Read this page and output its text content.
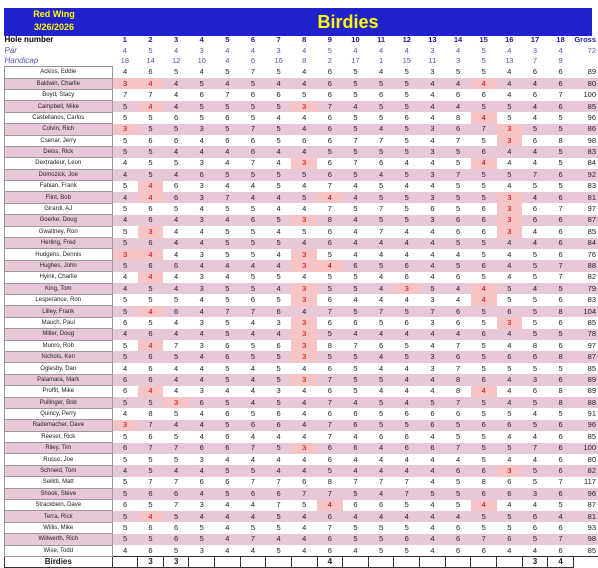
Red Wing
3/26/2026	Birdies
Hole number	1	2	3	4	5	6	7	8	9	10	11	12	13	14	15	16	17	18	Gross
Par	4	5	4	3	4	4	3	4	5	4	4	4	3	4	5	4	3	4	72
Handicap	18	14	12	10	4	6	16	8	2	17	1	15	11	3	5	13	7	9	
Ackiss, Eddie	4	6	5	4	5	7	5	4	6	5	4	5	3	5	5	4	6	6	89
Baldwin, Charlie	3	4	4	5	4	5	4	4	6	5	5	5	4	4	4	4	4	6	80
Boyd, Stacy	7	7	4	6	7	6	6	5	6	5	6	5	4	6	6	4	6	7	100
Campbell, Mike	5	4	4	5	5	5	5	3	7	4	5	5	4	4	5	5	4	6	85
Castellanos, Carlos	5	5	6	5	6	5	4	4	6	5	5	6	4	8	4	5	4	5	96
Colvin, Rich	3	5	5	3	5	7	5	4	6	5	4	5	3	6	7	3	5	5	86
Csenar, Jerry	5	6	6	4	6	6	5	6	6	7	7	5	4	7	5	3	6	8	98
Deiss, Rick	5	5	4	4	4	6	4	4	5	5	5	5	3	5	6	4	4	5	83
Dextradeur, Leon	4	5	5	3	4	7	4	3	6	7	6	4	4	5	4	4	4	5	84
Domozick, Joe	4	5	4	6	5	5	5	5	6	5	4	5	3	7	5	5	7	6	92
Fabian, Frank	5	4	6	3	4	4	5	4	7	4	5	4	4	5	5	4	5	5	83
Flint, Bob	4	4	6	3	7	4	4	5	4	4	5	5	3	5	5	3	4	6	81
Girardi, AJ	5	6	5	4	5	5	4	4	7	5	7	5	6	5	6	3	6	7	97
Goerke, Doug	4	6	4	3	4	6	5	3	8	4	5	5	3	6	6	3	6	6	87
Gwaltney, Ron	5	3	4	4	5	5	4	5	6	4	7	4	4	6	6	3	4	6	85
Herling, Fred	5	6	4	4	5	5	5	4	6	4	4	4	4	5	5	4	4	6	84
Hudgens, Dennis	3	4	4	3	5	5	4	3	5	4	4	4	4	4	5	4	5	6	76
Hughes, John	5	6	6	4	4	4	4	3	4	6	5	6	4	5	6	4	5	7	88
Hyink, Charlie	4	4	4	3	4	5	5	4	5	5	4	6	4	6	5	4	5	7	82
King, Tom	4	5	4	3	5	5	4	3	5	5	4	3	5	4	4	5	4	5	79
Lesperance, Ron	5	5	5	4	5	6	5	3	6	4	4	4	3	4	4	5	5	6	83
Lilley, Frank	5	4	6	4	7	7	6	4	7	5	7	5	7	6	5	6	5	8	104
Mauch, Paul	6	5	4	3	5	4	3	3	6	6	5	6	3	6	5	3	5	6	85
Miller, Doug	4	6	4	4	5	4	4	3	5	4	4	4	4	4	6	4	5	5	78
Munro, Rob	5	4	7	3	6	5	6	3	8	7	6	5	4	7	5	4	8	6	97
Nichols, Ken	5	6	5	4	6	5	5	3	5	5	4	5	3	6	5	6	6	8	87
Oglesby, Dan	4	6	4	4	5	4	5	4	6	5	4	4	3	7	5	5	5	5	85
Palamara, Mark	6	6	4	4	5	4	5	3	7	5	5	4	4	8	6	4	3	6	89
Proffit, Mike	6	4	4	3	4	4	3	4	6	5	4	4	4	8	4	4	6	8	89
Pullinger, Bob	5	5	3	6	5	4	5	4	7	4	5	4	5	7	5	4	5	8	88
Quincy, Perry	4	8	5	4	6	5	6	4	6	6	5	6	6	6	5	5	4	5	91
Rademacher, Dave	3	7	4	4	5	6	6	4	7	6	5	5	6	5	6	6	5	6	96
Reeser, Rick	5	6	5	4	6	4	4	4	7	4	6	6	4	5	5	4	4	6	85
Riley, Tim	6	7	7	6	6	7	5	3	6	6	4	6	6	7	5	5	7	6	100
Russo, Joe	5	5	5	3	4	4	4	4	6	4	4	4	4	4	5	4	4	6	80
Schneid, Tom	4	5	4	4	5	5	4	4	5	4	4	4	4	6	6	3	5	6	82
Sellitti, Matt	5	7	7	6	6	7	7	6	8	7	7	7	4	5	8	6	5	7	117
Shook, Steve	5	6	6	4	5	6	6	7	7	5	4	7	5	5	6	6	3	6	96
Strackbein, Dave	6	5	7	3	4	4	7	5	4	6	6	5	4	5	4	4	4	5	87
Terra, Rick	5	4	5	4	4	4	5	4	6	4	4	4	4	4	5	5	6	4	81
Willis, Mike	5	6	6	5	4	5	5	4	7	5	5	5	4	6	5	5	6	6	93
Willwerth, Rich	5	5	6	5	4	7	4	4	6	5	5	6	4	6	7	6	5	7	98
Wise, Todd	4	6	5	3	4	4	5	4	6	4	5	5	4	6	6	4	4	6	85
Birdies		3	3						4								3	4	
